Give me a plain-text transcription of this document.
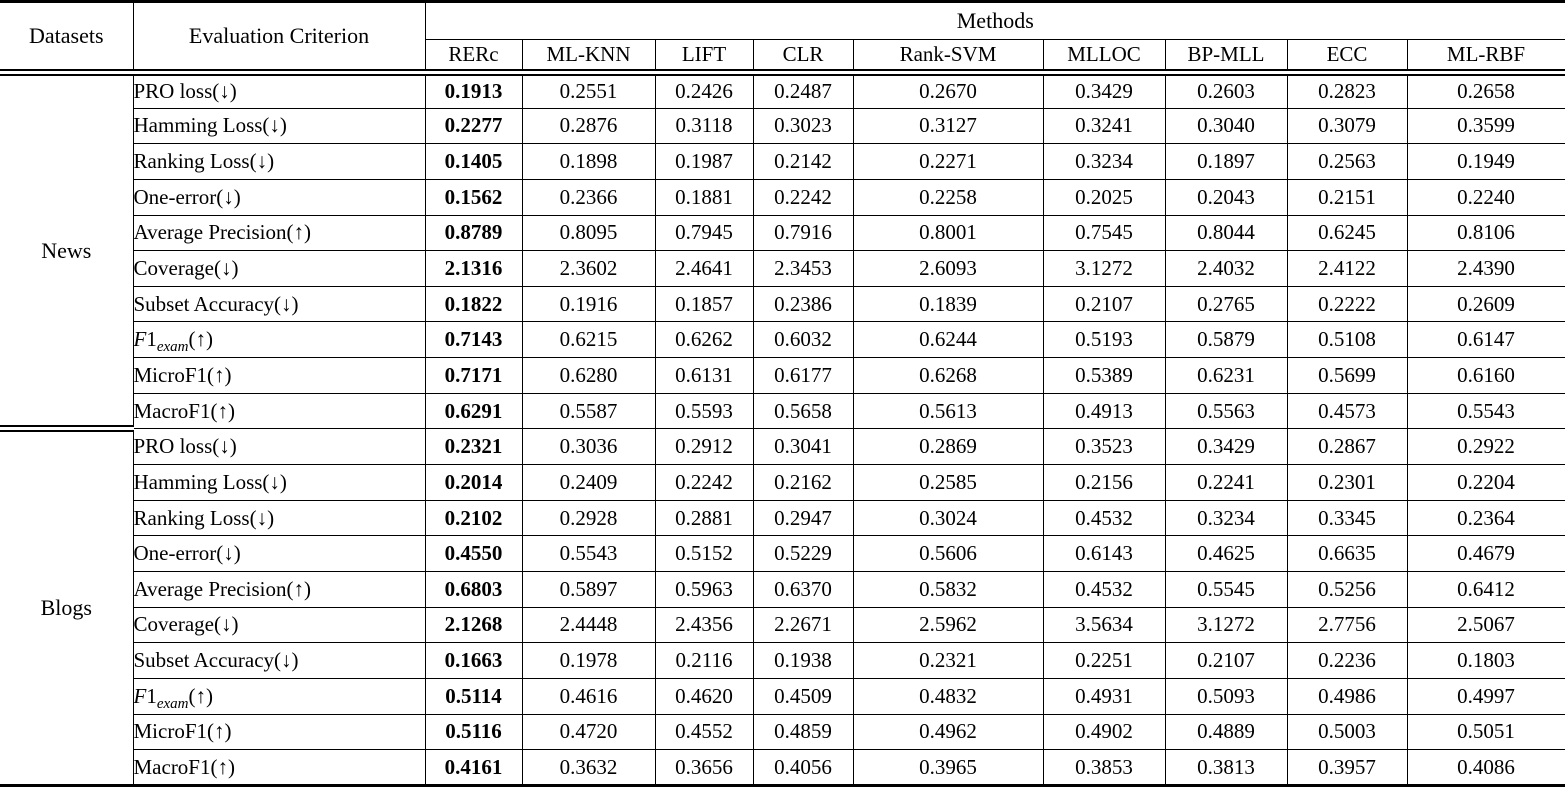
Datasets	Evaluation Criterion	Methods								
		RERc	ML-KNN	LIFT	CLR	Rank-SVM	MLLOC	BP-MLL	ECC	ML-RBF
News	PRO loss(↓)	0.1913	0.2551	0.2426	0.2487	0.2670	0.3429	0.2603	0.2823	0.2658
	Hamming Loss(↓)	0.2277	0.2876	0.3118	0.3023	0.3127	0.3241	0.3040	0.3079	0.3599
	Ranking Loss(↓)	0.1405	0.1898	0.1987	0.2142	0.2271	0.3234	0.1897	0.2563	0.1949
	One-error(↓)	0.1562	0.2366	0.1881	0.2242	0.2258	0.2025	0.2043	0.2151	0.2240
	Average Precision(↑)	0.8789	0.8095	0.7945	0.7916	0.8001	0.7545	0.8044	0.6245	0.8106
	Coverage(↓)	2.1316	2.3602	2.4641	2.3453	2.6093	3.1272	2.4032	2.4122	2.4390
	Subset Accuracy(↓)	0.1822	0.1916	0.1857	0.2386	0.1839	0.2107	0.2765	0.2222	0.2609
	$F1_{exam}(↑)$	0.7143	0.6215	0.6262	0.6032	0.6244	0.5193	0.5879	0.5108	0.6147
	MicroF1(↑)	0.7171	0.6280	0.6131	0.6177	0.6268	0.5389	0.6231	0.5699	0.6160
	MacroF1(↑)	0.6291	0.5587	0.5593	0.5658	0.5613	0.4913	0.5563	0.4573	0.5543
Blogs	PRO loss(↓)	0.2321	0.3036	0.2912	0.3041	0.2869	0.3523	0.3429	0.2867	0.2922
	Hamming Loss(↓)	0.2014	0.2409	0.2242	0.2162	0.2585	0.2156	0.2241	0.2301	0.2204
	Ranking Loss(↓)	0.2102	0.2928	0.2881	0.2947	0.3024	0.4532	0.3234	0.3345	0.2364
	One-error(↓)	0.4550	0.5543	0.5152	0.5229	0.5606	0.6143	0.4625	0.6635	0.4679
	Average Precision(↑)	0.6803	0.5897	0.5963	0.6370	0.5832	0.4532	0.5545	0.5256	0.6412
	Coverage(↓)	2.1268	2.4448	2.4356	2.2671	2.5962	3.5634	3.1272	2.7756	2.5067
	Subset Accuracy(↓)	0.1663	0.1978	0.2116	0.1938	0.2321	0.2251	0.2107	0.2236	0.1803
	$F1_{exam}(↑)$	0.5114	0.4616	0.4620	0.4509	0.4832	0.4931	0.5093	0.4986	0.4997
	MicroF1(↑)	0.5116	0.4720	0.4552	0.4859	0.4962	0.4902	0.4889	0.5003	0.5051
	MacroF1(↑)	0.4161	0.3632	0.3656	0.4056	0.3965	0.3853	0.3813	0.3957	0.4086
